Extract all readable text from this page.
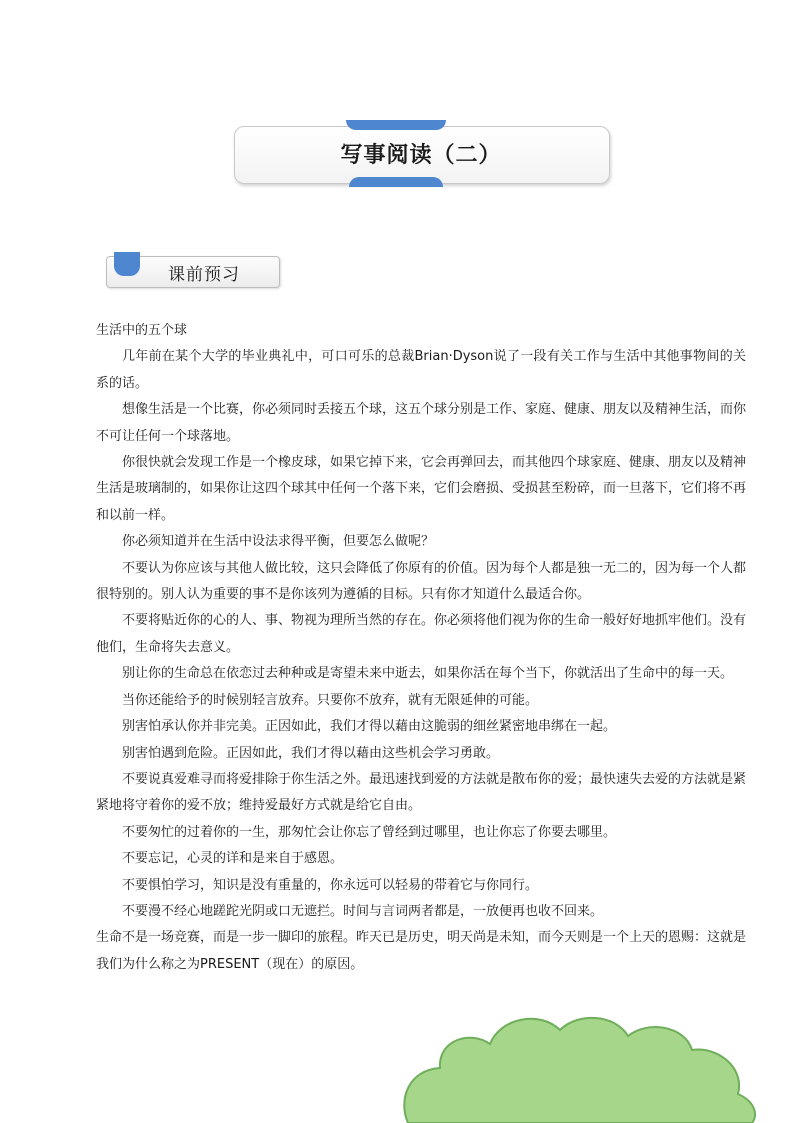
写事阅读（二）
课前预习

生活中的五个球

几年前在某个大学的毕业典礼中，可口可乐的总裁Brian·Dyson说了一段有关工作与生活中其他事物间的关系的话。

想像生活是一个比赛，你必须同时丢接五个球，这五个球分别是工作、家庭、健康、朋友以及精神生活，而你不可让任何一个球落地。

你很快就会发现工作是一个橡皮球，如果它掉下来，它会再弹回去，而其他四个球家庭、健康、朋友以及精神生活是玻璃制的，如果你让这四个球其中任何一个落下来，它们会磨损、受损甚至粉碎，而一旦落下，它们将不再和以前一样。

你必须知道并在生活中设法求得平衡，但要怎么做呢？

不要认为你应该与其他人做比较，这只会降低了你原有的价值。因为每个人都是独一无二的，因为每一个人都很特别的。别人认为重要的事不是你该列为遵循的目标。只有你才知道什么最适合你。

不要将贴近你的心的人、事、物视为理所当然的存在。你必须将他们视为你的生命一般好好地抓牢他们。没有他们，生命将失去意义。

别让你的生命总在依恋过去种种或是寄望未来中逝去，如果你活在每个当下，你就活出了生命中的每一天。

当你还能给予的时候别轻言放弃。只要你不放弃，就有无限延伸的可能。

别害怕承认你并非完美。正因如此，我们才得以藉由这脆弱的细丝紧密地串绑在一起。

别害怕遇到危险。正因如此，我们才得以藉由这些机会学习勇敢。

不要说真爱难寻而将爱排除于你生活之外。最迅速找到爱的方法就是散布你的爱；最快速失去爱的方法就是紧紧地将守着你的爱不放；维持爱最好方式就是给它自由。

不要匆忙的过着你的一生，那匆忙会让你忘了曾经到过哪里，也让你忘了你要去哪里。

不要忘记，心灵的详和是来自于感恩。

不要惧怕学习，知识是没有重量的，你永远可以轻易的带着它与你同行。

不要漫不经心地蹉跎光阴或口无遮拦。时间与言词两者都是，一放便再也收不回来。

生命不是一场竞赛，而是一步一脚印的旅程。昨天已是历史，明天尚是未知，而今天则是一个上天的恩赐：这就是我们为什么称之为PRESENT（现在）的原因。
